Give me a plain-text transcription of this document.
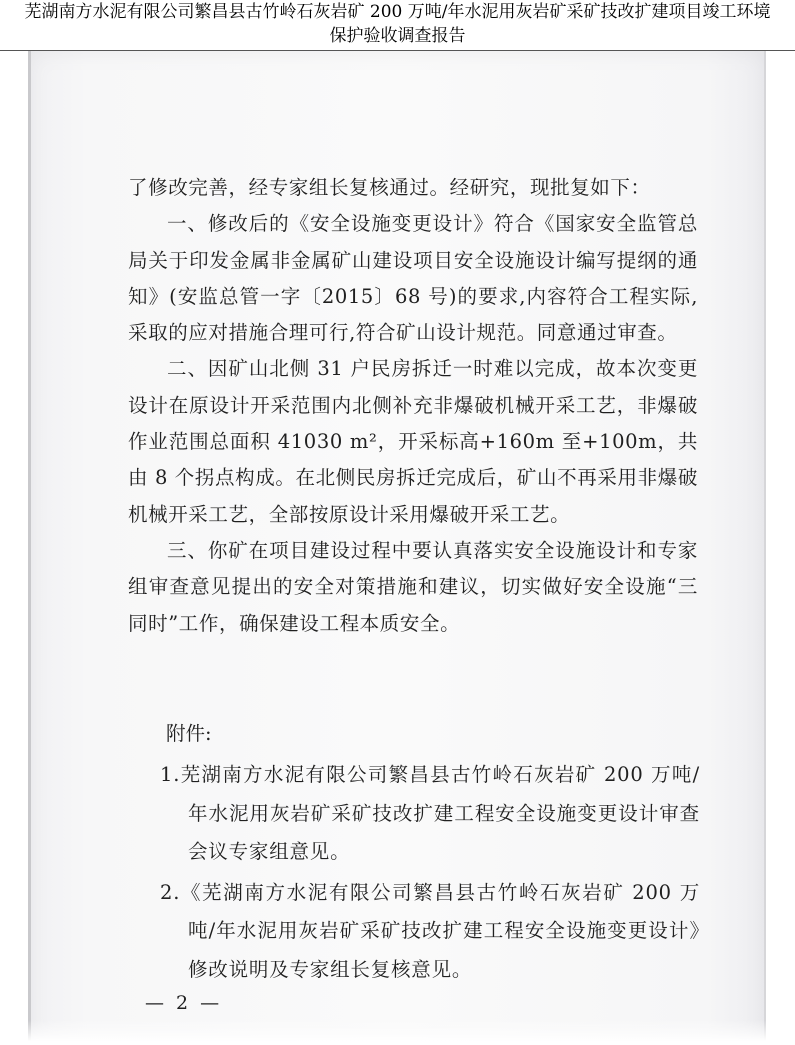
芜湖南方水泥有限公司繁昌县古竹岭石灰岩矿 200 万吨/年水泥用灰岩矿采矿技改扩建项目竣工环境
保护验收调查报告

了修改完善，经专家组长复核通过。经研究，现批复如下：

一、修改后的《安全设施变更设计》符合《国家安全监管总局关于印发金属非金属矿山建设项目安全设施设计编写提纲的通知》(安监总管一字〔2015〕68 号)的要求,内容符合工程实际,采取的应对措施合理可行,符合矿山设计规范。同意通过审查。

二、因矿山北侧 31 户民房拆迁一时难以完成，故本次变更设计在原设计开采范围内北侧补充非爆破机械开采工艺，非爆破作业范围总面积 41030 m²，开采标高+160m 至+100m，共由 8 个拐点构成。在北侧民房拆迁完成后，矿山不再采用非爆破机械开采工艺，全部按原设计采用爆破开采工艺。

三、你矿在项目建设过程中要认真落实安全设施设计和专家组审查意见提出的安全对策措施和建议，切实做好安全设施“三同时”工作，确保建设工程本质安全。

附件:
1.芜湖南方水泥有限公司繁昌县古竹岭石灰岩矿 200 万吨/年水泥用灰岩矿采矿技改扩建工程安全设施变更设计审查会议专家组意见。
2.《芜湖南方水泥有限公司繁昌县古竹岭石灰岩矿 200 万吨/年水泥用灰岩矿采矿技改扩建工程安全设施变更设计》修改说明及专家组长复核意见。
— 2 —
